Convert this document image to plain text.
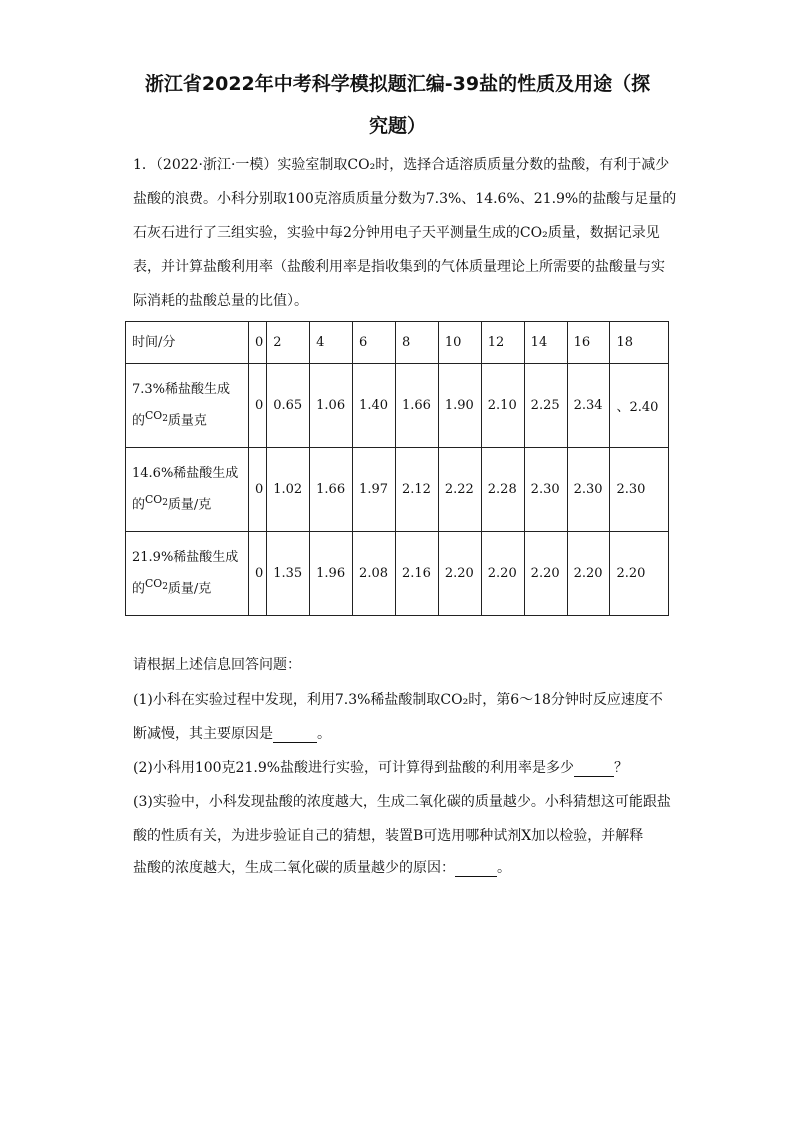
浙江省2022年中考科学模拟题汇编-39盐的性质及用途（探
究题）
1．（2022·浙江·一模）实验室制取CO₂时，选择合适溶质质量分数的盐酸，有利于减少
盐酸的浪费。小科分别取100克溶质质量分数为7.3%、14.6%、21.9%的盐酸与足量的
石灰石进行了三组实验，实验中每2分钟用电子天平测量生成的CO₂质量，数据记录见
表，并计算盐酸利用率（盐酸利用率是指收集到的气体质量理论上所需要的盐酸量与实
际消耗的盐酸总量的比值）。
时间/分	0	2	4	6	8	10	12	14	16	18
7.3%稀盐酸生成
的$^{CO_2}$质量克	0	0.65	1.06	1.40	1.66	1.90	2.10	2.25	2.34	、2.40
14.6%稀盐酸生成
的$^{CO_2}$质量/克	0	1.02	1.66	1.97	2.12	2.22	2.28	2.30	2.30	2.30
21.9%稀盐酸生成
的$^{CO_2}$质量/克	0	1.35	1.96	2.08	2.16	2.20	2.20	2.20	2.20	2.20
请根据上述信息回答问题：
(1)小科在实验过程中发现，利用7.3%稀盐酸制取CO₂时，第6～18分钟时反应速度不
断减慢，其主要原因是	。
(2)小科用100克21.9%盐酸进行实验，可计算得到盐酸的利用率是多少	？
(3)实验中，小科发现盐酸的浓度越大，生成二氧化碳的质量越少。小科猜想这可能跟盐
酸的性质有关，为进步验证自己的猜想，装置B可选用哪种试剂X加以检验，并解释
盐酸的浓度越大，生成二氧化碳的质量越少的原因：	。
